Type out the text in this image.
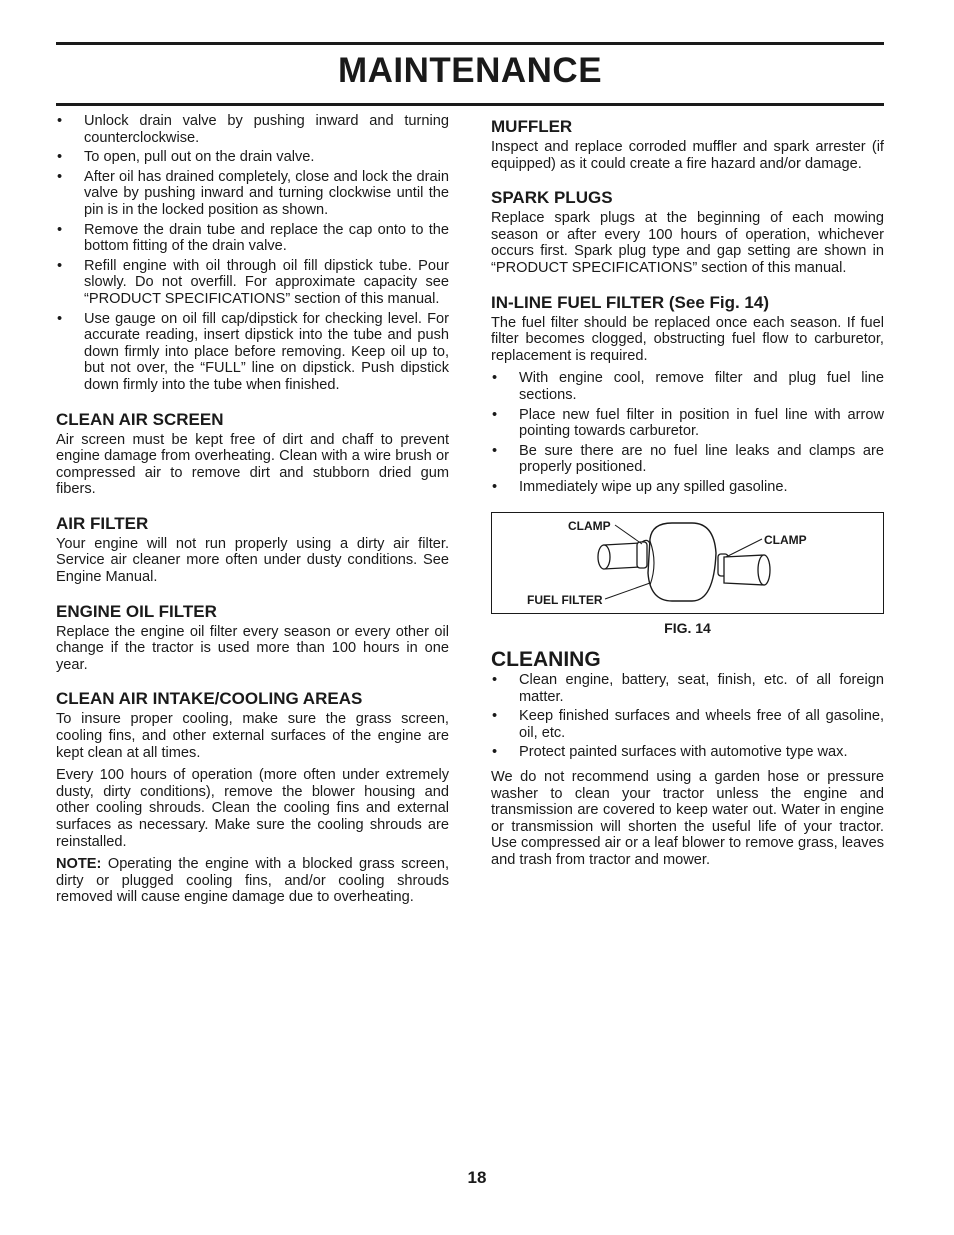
MAINTENANCE
• Unlock drain valve by pushing inward and turning counterclockwise.
• To open, pull out on the drain valve.
• After oil has drained completely, close and lock the drain valve by pushing inward and turning clockwise until the pin is in the locked position as shown.
• Remove the drain tube and replace the cap onto to the bottom fitting of the drain valve.
• Refill engine with oil through oil fill dipstick tube. Pour slowly. Do not overfill. For approximate capacity see “PRODUCT SPECIFICATIONS” section of this manual.
• Use gauge on oil fill cap/dipstick for checking level. For accurate reading, insert dipstick into the tube and push down firmly into place before removing. Keep oil up to, but not over, the “FULL” line on dipstick. Push dipstick down firmly into the tube when finished.
CLEAN AIR SCREEN

Air screen must be kept free of dirt and chaff to prevent engine damage from overheating. Clean with a wire brush or compressed air to remove dirt and stubborn dried gum fibers.

AIR FILTER

Your engine will not run properly using a dirty air filter. Service air cleaner more often under dusty conditions. See Engine Manual.

ENGINE OIL FILTER

Replace the engine oil filter every season or every other oil change if the tractor is used more than 100 hours in one year.

CLEAN AIR INTAKE/COOLING AREAS

To insure proper cooling, make sure the grass screen, cooling fins, and other external surfaces of the engine are kept clean at all times.

Every 100 hours of operation (more often under extremely dusty, dirty conditions), remove the blower housing and other cooling shrouds. Clean the cooling fins and external surfaces as necessary. Make sure the cooling shrouds are reinstalled.

NOTE: Operating the engine with a blocked grass screen, dirty or plugged cooling fins, and/or cooling shrouds removed will cause engine damage due to overheating.

MUFFLER

Inspect and replace corroded muffler and spark arrester (if equipped) as it could create a fire hazard and/or damage.

SPARK PLUGS

Replace spark plugs at the beginning of each mowing season or after every 100 hours of operation, whichever occurs first. Spark plug type and gap setting are shown in “PRODUCT SPECIFICATIONS” section of this manual.

IN-LINE FUEL FILTER (See Fig. 14)

The fuel filter should be replaced once each season. If fuel filter becomes clogged, obstructing fuel flow to carburetor, replacement is required.

• With engine cool, remove filter and plug fuel line sections.
• Place new fuel filter in position in fuel line with arrow pointing towards carburetor.
• Be sure there are no fuel line leaks and clamps are properly positioned.
• Immediately wipe up any spilled gasoline.
CLAMP
CLAMP
FUEL FILTER

FIG. 14

CLEANING
• Clean engine, battery, seat, finish, etc. of all foreign matter.
• Keep finished surfaces and wheels free of all gasoline, oil, etc.
• Protect painted surfaces with automotive type wax.

We do not recommend using a garden hose or pressure washer to clean your tractor unless the engine and transmission are covered to keep water out. Water in engine or transmission will shorten the useful life of your tractor. Use compressed air or a leaf blower to remove grass, leaves and trash from tractor and mower.

18
